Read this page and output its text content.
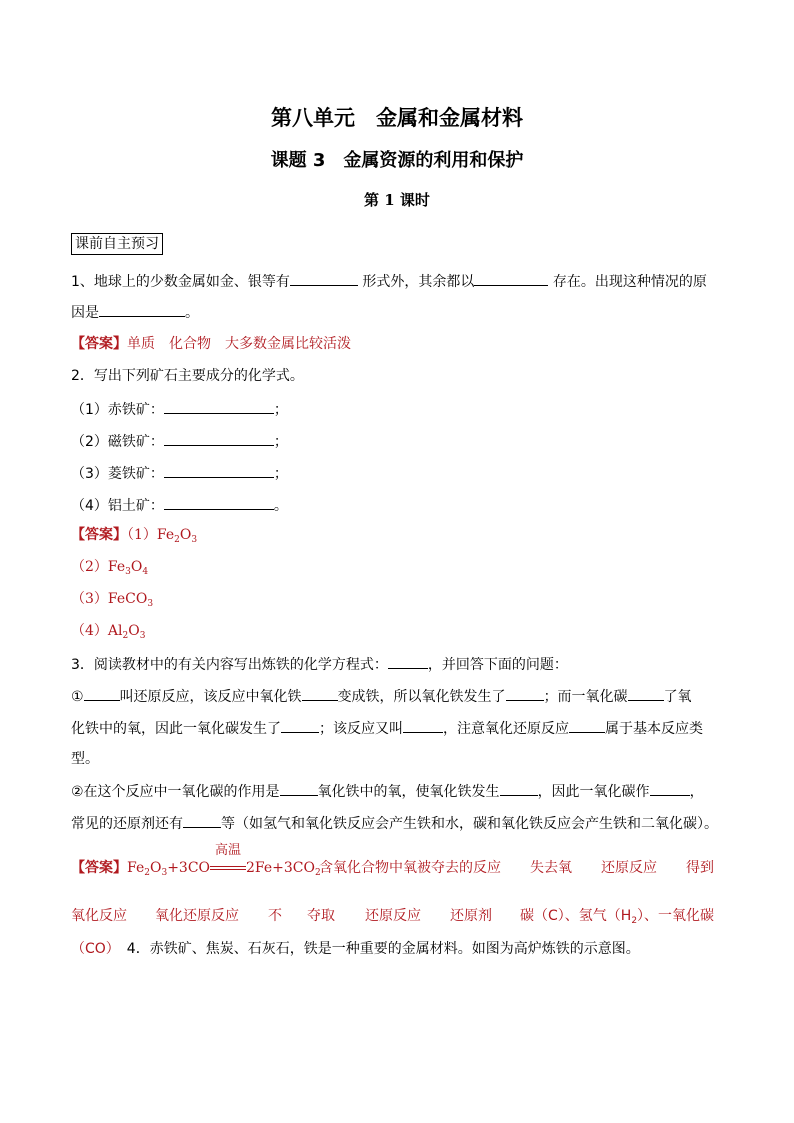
第八单元　金属和金属材料
课题 3　金属资源的利用和保护
第 1 课时
课前自主预习
1、地球上的少数金属如金、银等有	形式外，其余都以	存在。出现这种情况的原
因是	。
【答案】单质　化合物　大多数金属比较活泼
2．写出下列矿石主要成分的化学式。
（1）赤铁矿：	；
（2）磁铁矿：	；
（3）菱铁矿：	；
（4）铝土矿：	。
【答案】$(1)Fe_2O_3$
$(2)Fe_3O_4$
（3）FeCO$_3$
$(4)Al_2O_3$
3．阅读教材中的有关内容写出炼铁的化学方程式：	，并回答下面的问题：
①	叫还原反应，该反应中氧化铁	变成铁，所以氧化铁发生了	；而一氧化碳	了氧
化铁中的氧，因此一氧化碳发生了	；该反应又叫	，注意氧化还原反应	属于基本反应类
型。
②在这个反应中一氧化碳的作用是	氧化铁中的氧，使氧化铁发生	，因此一氧化碳作	，
常见的还原剂还有	等（如氢气和氧化铁反应会产生铁和水，碳和氧化铁反应会产生铁和二氧化碳）。
【答案】$Fe_2O_3+3CO$
高温
$2Fe+3CO_2$
含氧化合物中氧被夺去的反应 失去氧 还原反应 得到
氧化反应 氧化还原反应 不 夺取 还原反应 还原剂 碳（C）、氢气$(H_2)$、一氧化碳
（CO）　 4．赤铁矿、焦炭、石灰石，铁是一种重要的金属材料。如图为高炉炼铁的示意图。
